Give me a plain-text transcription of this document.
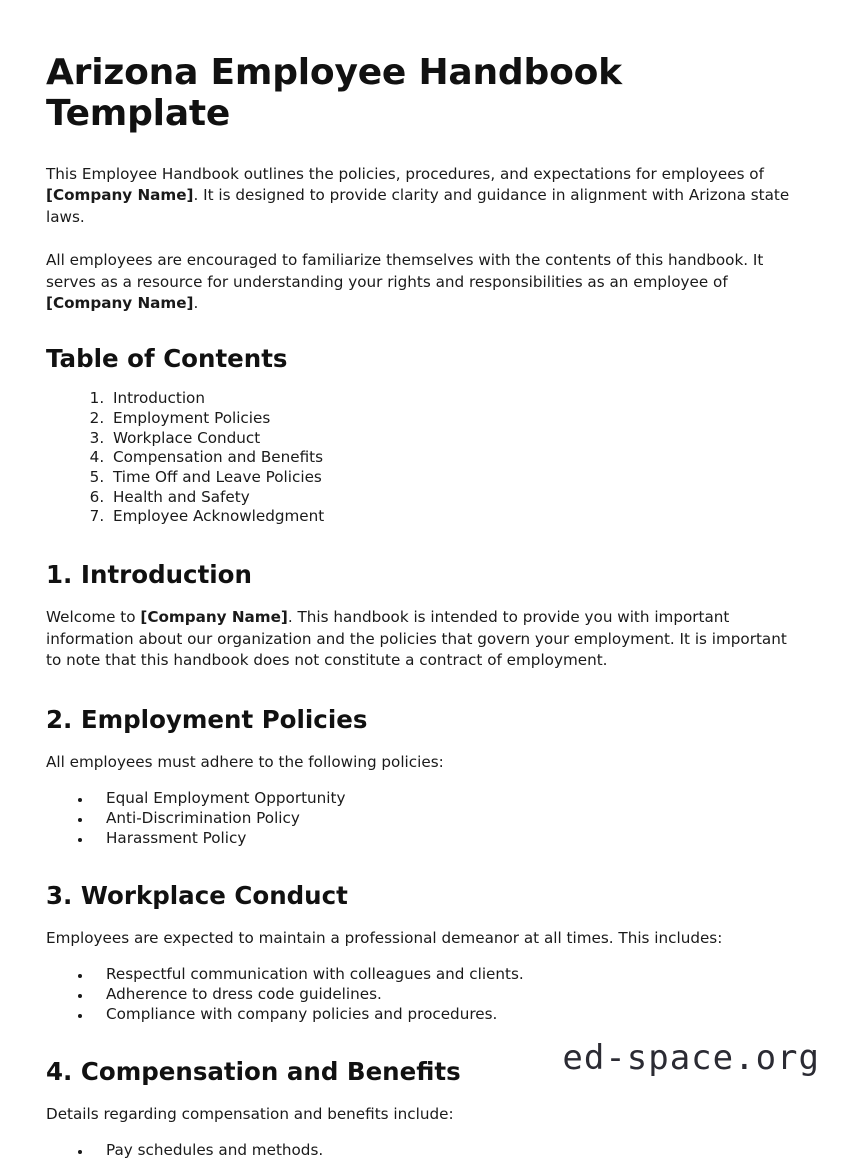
Arizona Employee Handbook Template

This Employee Handbook outlines the policies, procedures, and expectations for employees of [Company Name]. It is designed to provide clarity and guidance in alignment with Arizona state laws.

All employees are encouraged to familiarize themselves with the contents of this handbook. It serves as a resource for understanding your rights and responsibilities as an employee of [Company Name].

Table of Contents
1. Introduction
2. Employment Policies
3. Workplace Conduct
4. Compensation and Benefits
5. Time Off and Leave Policies
6. Health and Safety
7. Employee Acknowledgment
1. Introduction

Welcome to [Company Name]. This handbook is intended to provide you with important information about our organization and the policies that govern your employment. It is important to note that this handbook does not constitute a contract of employment.

2. Employment Policies

All employees must adhere to the following policies:

• Equal Employment Opportunity
• Anti-Discrimination Policy
• Harassment Policy
3. Workplace Conduct

Employees are expected to maintain a professional demeanor at all times. This includes:

• Respectful communication with colleagues and clients.
• Adherence to dress code guidelines.
• Compliance with company policies and procedures.
4. Compensation and Benefits

Details regarding compensation and benefits include:

• Pay schedules and methods.
ed-space.org
